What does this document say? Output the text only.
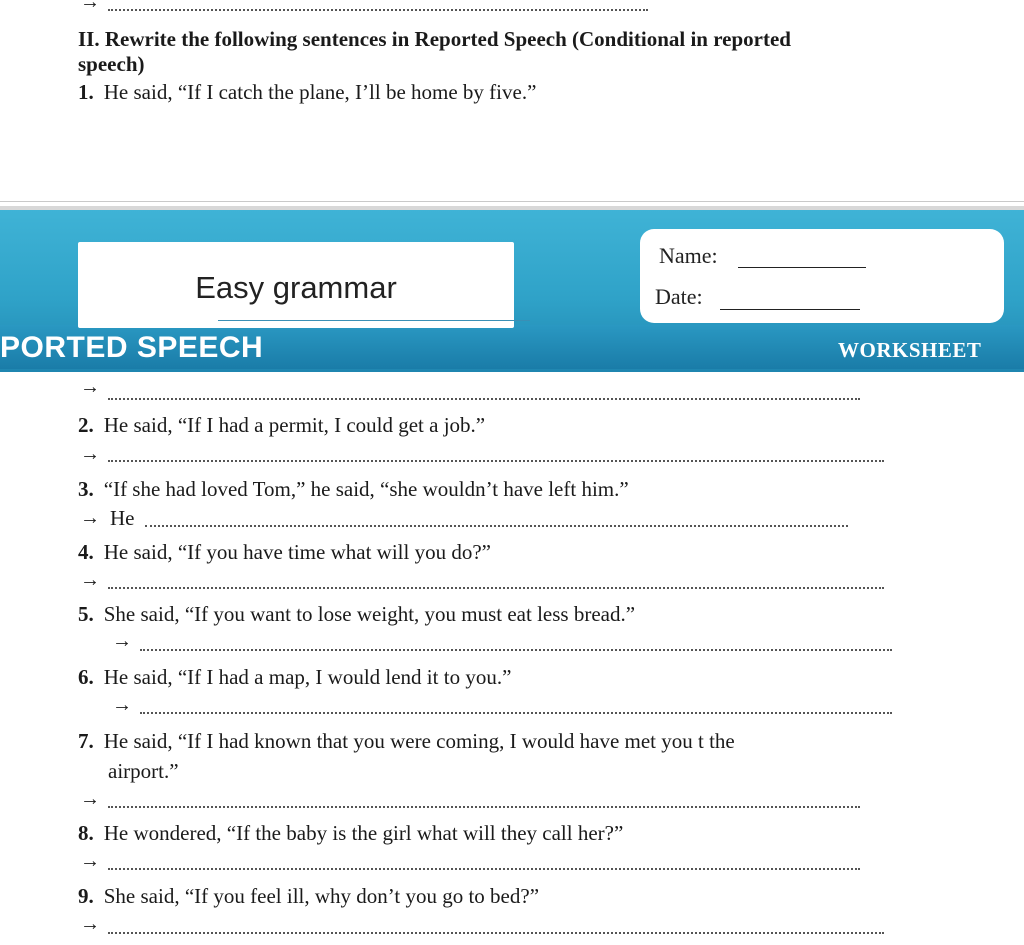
→
II. Rewrite the following sentences in Reported Speech (Conditional in reported
speech)
1. He said, “If I catch the plane, I’ll be home by five.”
Easy grammar
Name:
Date:
PORTED SPEECH	WORKSHEET
→
2. He said, “If I had a permit, I could get a job.”
→
3. “If she had loved Tom,” he said, “she wouldn’t have left him.”
→ He
4. He said, “If you have time what will you do?”
→
5. She said, “If you want to lose weight, you must eat less bread.”
→
6. He said, “If I had a map, I would lend it to you.”
→
7. He said, “If I had known that you were coming, I would have met you t the
airport.”
→
8. He wondered, “If the baby is the girl what will they call her?”
→
9. She said, “If you feel ill, why don’t you go to bed?”
→
